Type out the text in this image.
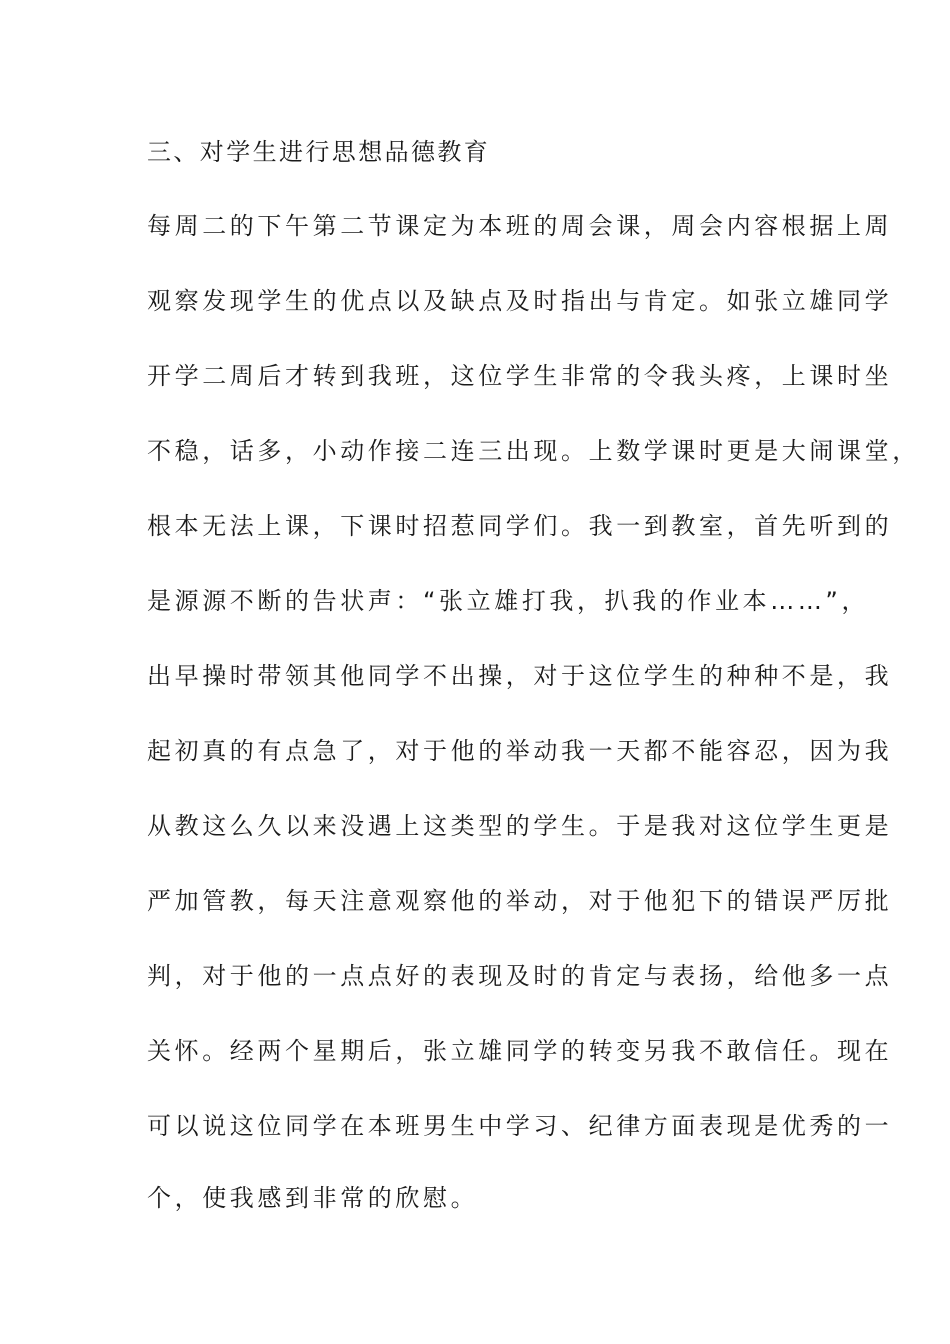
三、对学生进行思想品德教育
每周二的下午第二节课定为本班的周会课，周会内容根据上周
观察发现学生的优点以及缺点及时指出与肯定。如张立雄同学
开学二周后才转到我班，这位学生非常的令我头疼，上课时坐
不稳，话多，小动作接二连三出现。上数学课时更是大闹课堂，
根本无法上课，下课时招惹同学们。我一到教室，首先听到的
是源源不断的告状声：“张立雄打我，扒我的作业本……”，
出早操时带领其他同学不出操，对于这位学生的种种不是，我
起初真的有点急了，对于他的举动我一天都不能容忍，因为我
从教这么久以来没遇上这类型的学生。于是我对这位学生更是
严加管教，每天注意观察他的举动，对于他犯下的错误严厉批
判，对于他的一点点好的表现及时的肯定与表扬，给他多一点
关怀。经两个星期后，张立雄同学的转变另我不敢信任。现在
可以说这位同学在本班男生中学习、纪律方面表现是优秀的一
个，使我感到非常的欣慰。
